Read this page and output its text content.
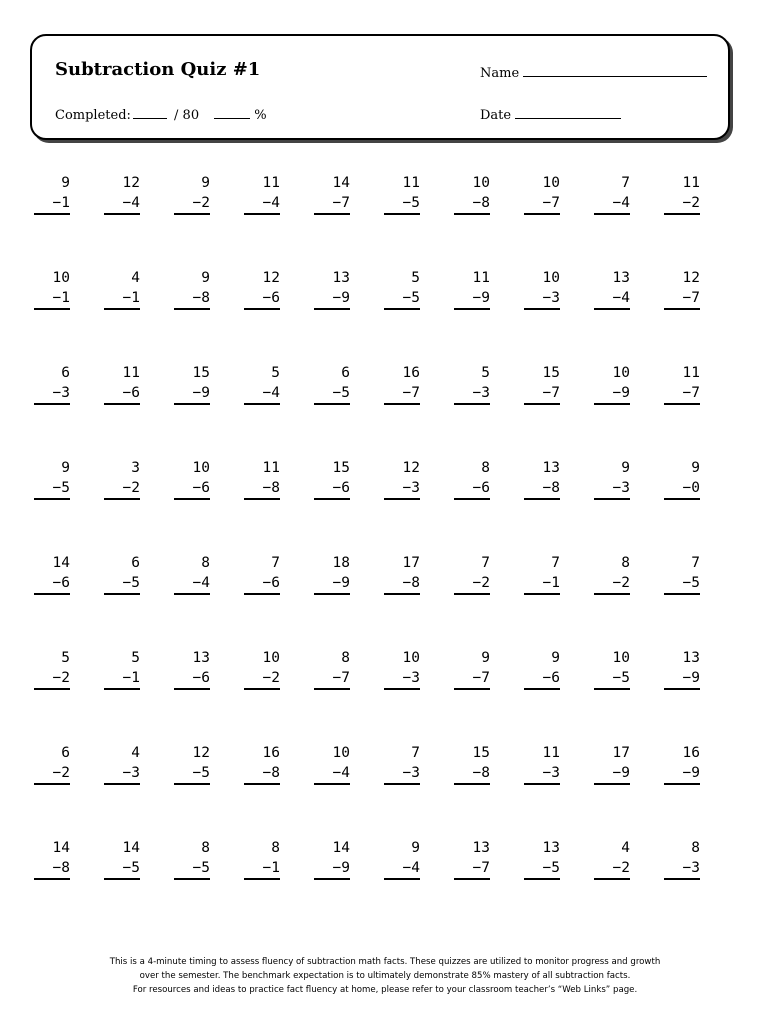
Subtraction Quiz #1
Completed:	/ 80	%
Name
Date
9
−1
12
−4
9
−2
11
−4
14
−7
11
−5
10
−8
10
−7
7
−4
11
−2
10
−1
4
−1
9
−8
12
−6
13
−9
5
−5
11
−9
10
−3
13
−4
12
−7
6
−3
11
−6
15
−9
5
−4
6
−5
16
−7
5
−3
15
−7
10
−9
11
−7
9
−5
3
−2
10
−6
11
−8
15
−6
12
−3
8
−6
13
−8
9
−3
9
−0
14
−6
6
−5
8
−4
7
−6
18
−9
17
−8
7
−2
7
−1
8
−2
7
−5
5
−2
5
−1
13
−6
10
−2
8
−7
10
−3
9
−7
9
−6
10
−5
13
−9
6
−2
4
−3
12
−5
16
−8
10
−4
7
−3
15
−8
11
−3
17
−9
16
−9
14
−8
14
−5
8
−5
8
−1
14
−9
9
−4
13
−7
13
−5
4
−2
8
−3
This is a 4-minute timing to assess fluency of subtraction math facts. These quizzes are utilized to monitor progress and growth
over the semester. The benchmark expectation is to ultimately demonstrate 85% mastery of all subtraction facts.
For resources and ideas to practice fact fluency at home, please refer to your classroom teacher’s “Web Links” page.
